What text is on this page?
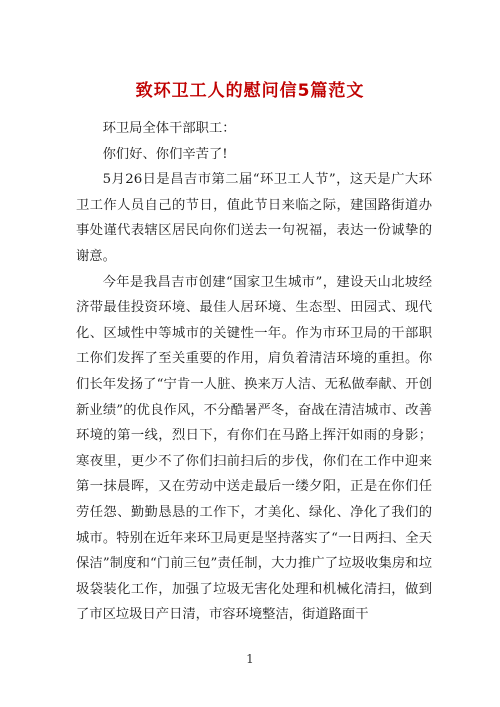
致环卫工人的慰问信5篇范文

环卫局全体干部职工：

你们好、你们辛苦了!

5月26日是昌吉市第二届“环卫工人节”，这天是广大环卫工作人员自己的节日，值此节日来临之际，建国路街道办事处谨代表辖区居民向你们送去一句祝福，表达一份诚挚的谢意。

今年是我昌吉市创建“国家卫生城市”，建设天山北坡经济带最佳投资环境、最佳人居环境、生态型、田园式、现代化、区域性中等城市的关键性一年。作为市环卫局的干部职工你们发挥了至关重要的作用，肩负着清洁环境的重担。你们长年发扬了“宁肯一人脏、换来万人洁、无私做奉献、开创新业绩”的优良作风，不分酷暑严冬，奋战在清洁城市、改善环境的第一线，烈日下，有你们在马路上挥汗如雨的身影；寒夜里，更少不了你们扫前扫后的步伐，你们在工作中迎来第一抹晨晖，又在劳动中送走最后一缕夕阳，正是在你们任劳任怨、勤勤恳恳的工作下，才美化、绿化、净化了我们的城市。特别在近年来环卫局更是坚持落实了“一日两扫、全天保洁”制度和“门前三包”责任制，大力推广了垃圾收集房和垃圾袋装化工作，加强了垃圾无害化处理和机械化清扫，做到了市区垃圾日产日清，市容环境整洁，街道路面干

1
